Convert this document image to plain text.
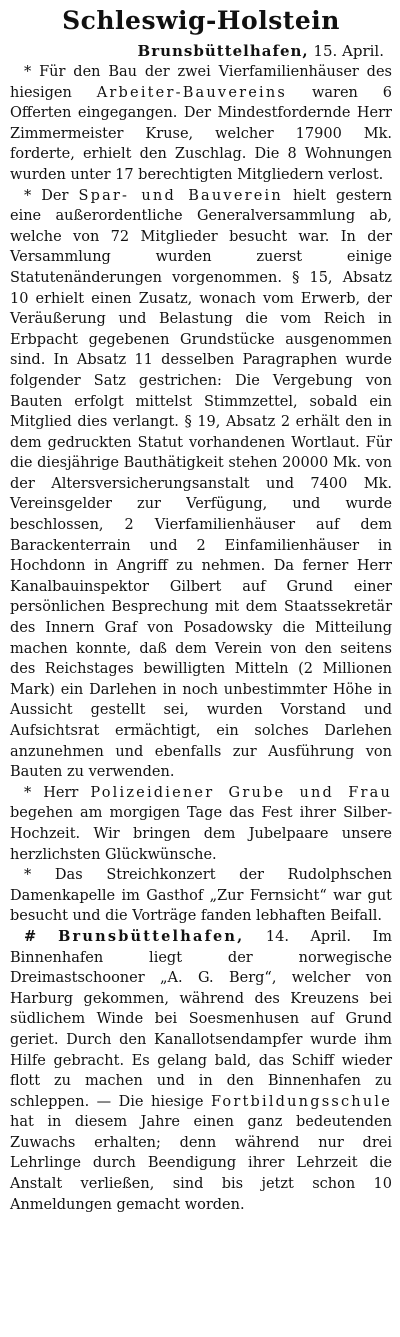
Schleswig-Holstein
Brunsbüttelhafen, 15. April.

* Für den Bau der zwei Vierfamilienhäuser des hiesigen Arbeiter-Bauvereins waren 6 Offerten eingegangen. Der Mindestfordernde Herr Zimmermeister Kruse, welcher 17900 Mk. forderte, erhielt den Zuschlag. Die 8 Wohnungen wurden unter 17 berechtigten Mitgliedern verlost.

* Der Spar- und Bauverein hielt gestern eine außerordentliche Generalversammlung ab, welche von 72 Mitglieder besucht war. In der Versammlung wurden zuerst einige Statutenänderungen vorgenommen. § 15, Absatz 10 erhielt einen Zusatz, wonach vom Erwerb, der Veräußerung und Belastung die vom Reich in Erbpacht gegebenen Grundstücke ausgenommen sind. In Absatz 11 desselben Paragraphen wurde folgender Satz gestrichen: Die Vergebung von Bauten erfolgt mittelst Stimmzettel, sobald ein Mitglied dies verlangt. § 19, Absatz 2 erhält den in dem gedruckten Statut vorhandenen Wortlaut. Für die diesjährige Bauthätigkeit stehen 20000 Mk. von der Altersversicherungsanstalt und 7400 Mk. Vereinsgelder zur Verfügung, und wurde beschlossen, 2 Vierfamilienhäuser auf dem Barackenterrain und 2 Einfamilienhäuser in Hochdonn in Angriff zu nehmen. Da ferner Herr Kanalbauinspektor Gilbert auf Grund einer persönlichen Besprechung mit dem Staatssekretär des Innern Graf von Posadowsky die Mitteilung machen konnte, daß dem Verein von den seitens des Reichstages bewilligten Mitteln (2 Millionen Mark) ein Darlehen in noch unbestimmter Höhe in Aussicht gestellt sei, wurden Vorstand und Aufsichtsrat ermächtigt, ein solches Darlehen anzunehmen und ebenfalls zur Ausführung von Bauten zu verwenden.

* Herr Polizeidiener Grube und Frau begehen am morgigen Tage das Fest ihrer Silber-Hochzeit. Wir bringen dem Jubelpaare unsere herzlichsten Glückwünsche.

* Das Streichkonzert der Rudolphschen Damenkapelle im Gasthof „Zur Fernsicht“ war gut besucht und die Vorträge fanden lebhaften Beifall.

# Brunsbüttelhafen, 14. April. Im Binnenhafen liegt der norwegische Dreimastschooner „A. G. Berg“, welcher von Harburg gekommen, während des Kreuzens bei südlichem Winde bei Soesmenhusen auf Grund geriet. Durch den Kanallotsendampfer wurde ihm Hilfe gebracht. Es gelang bald, das Schiff wieder flott zu machen und in den Binnenhafen zu schleppen. — Die hiesige Fortbildungsschule hat in diesem Jahre einen ganz bedeutenden Zuwachs erhalten; denn während nur drei Lehrlinge durch Beendigung ihrer Lehrzeit die Anstalt verließen, sind bis jetzt schon 10 Anmeldungen gemacht worden.
